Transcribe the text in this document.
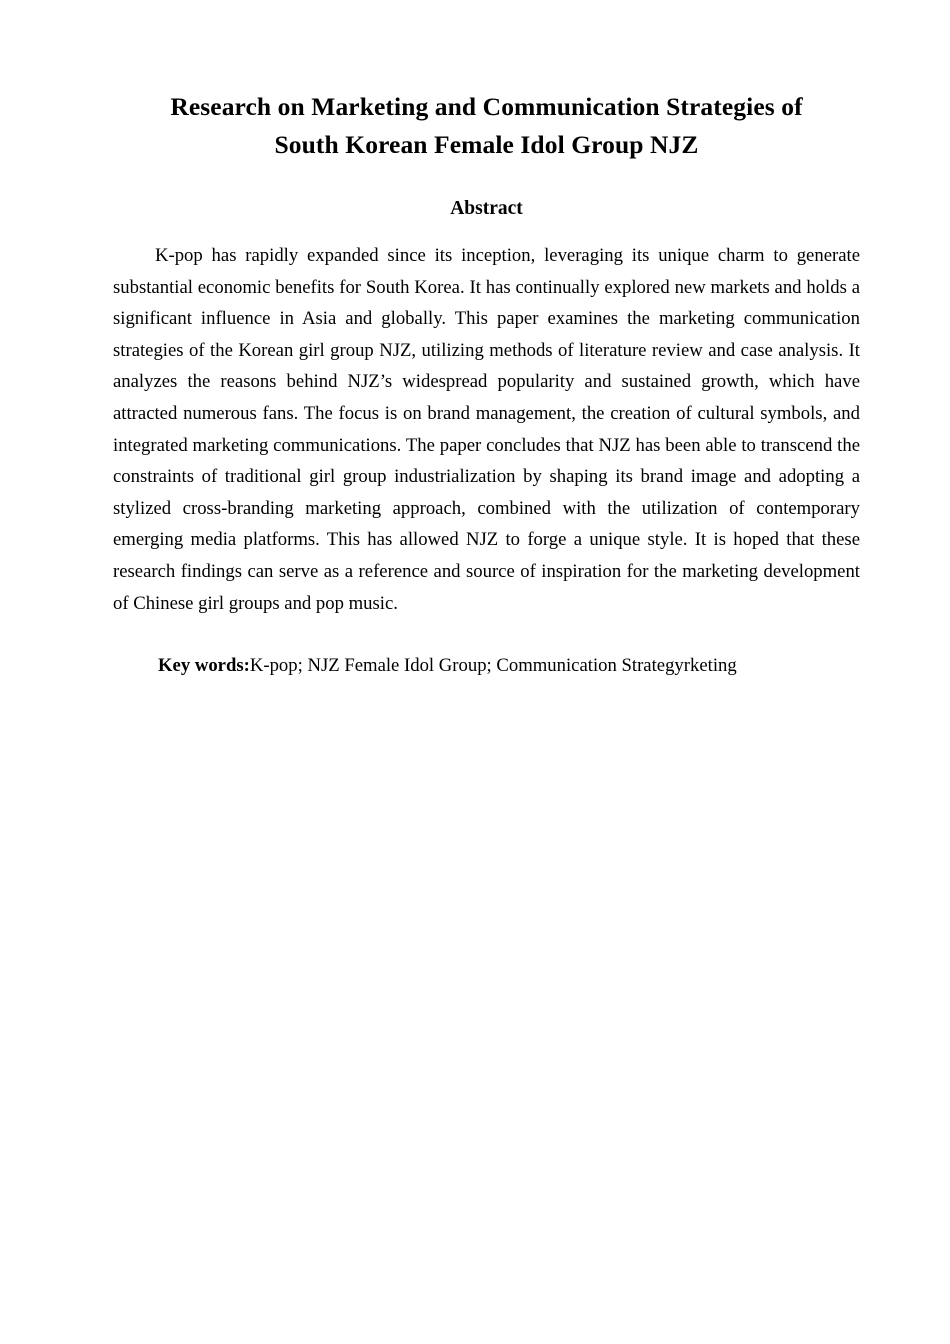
Research on Marketing and Communication Strategies of
South Korean Female Idol Group NJZ
Abstract

K-pop has rapidly expanded since its inception, leveraging its unique charm to generate substantial economic benefits for South Korea. It has continually explored new markets and holds a significant influence in Asia and globally. This paper examines the marketing communication strategies of the Korean girl group NJZ, utilizing methods of literature review and case analysis. It analyzes the reasons behind NJZ’s widespread popularity and sustained growth, which have attracted numerous fans. The focus is on brand management, the creation of cultural symbols, and integrated marketing communications. The paper concludes that NJZ has been able to transcend the constraints of traditional girl group industrialization by shaping its brand image and adopting a stylized cross-branding marketing approach, combined with the utilization of contemporary emerging media platforms. This has allowed NJZ to forge a unique style. It is hoped that these research findings can serve as a reference and source of inspiration for the marketing development of Chinese girl groups and pop music.

Key words:K-pop; NJZ Female Idol Group; Communication Strategyrketing
